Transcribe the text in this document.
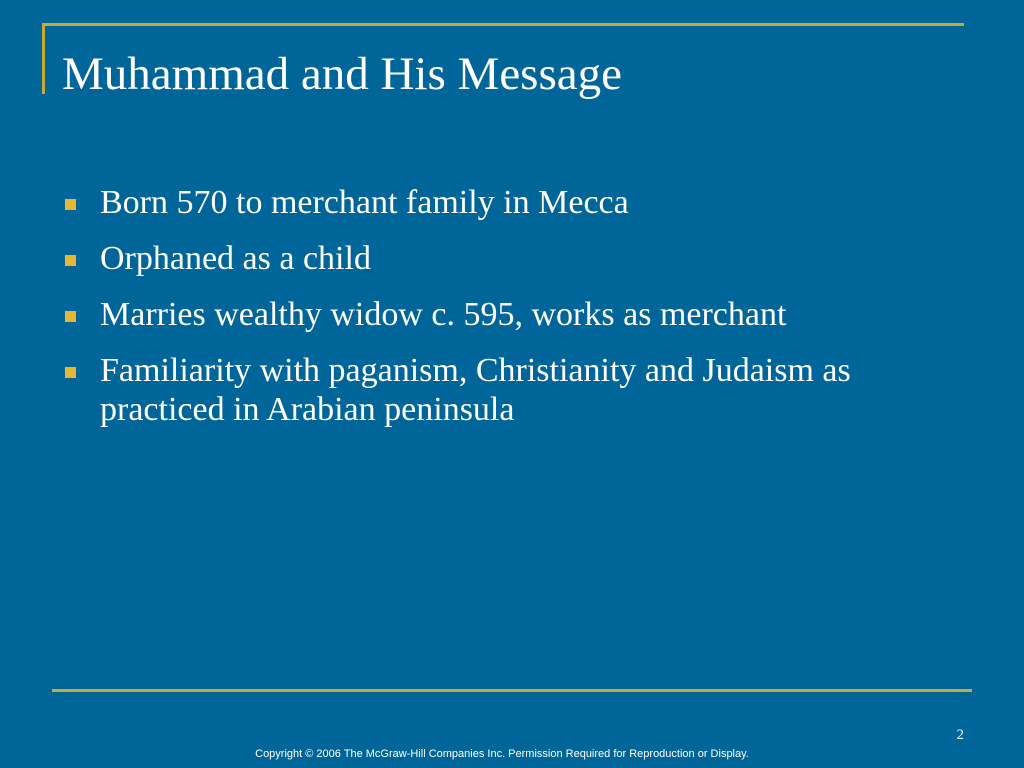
Muhammad and His Message
Born 570 to merchant family in Mecca
Orphaned as a child
Marries wealthy widow c. 595, works as merchant
Familiarity with paganism, Christianity and Judaism as practiced in Arabian peninsula
2
Copyright © 2006 The McGraw-Hill Companies Inc. Permission Required for Reproduction or Display.
